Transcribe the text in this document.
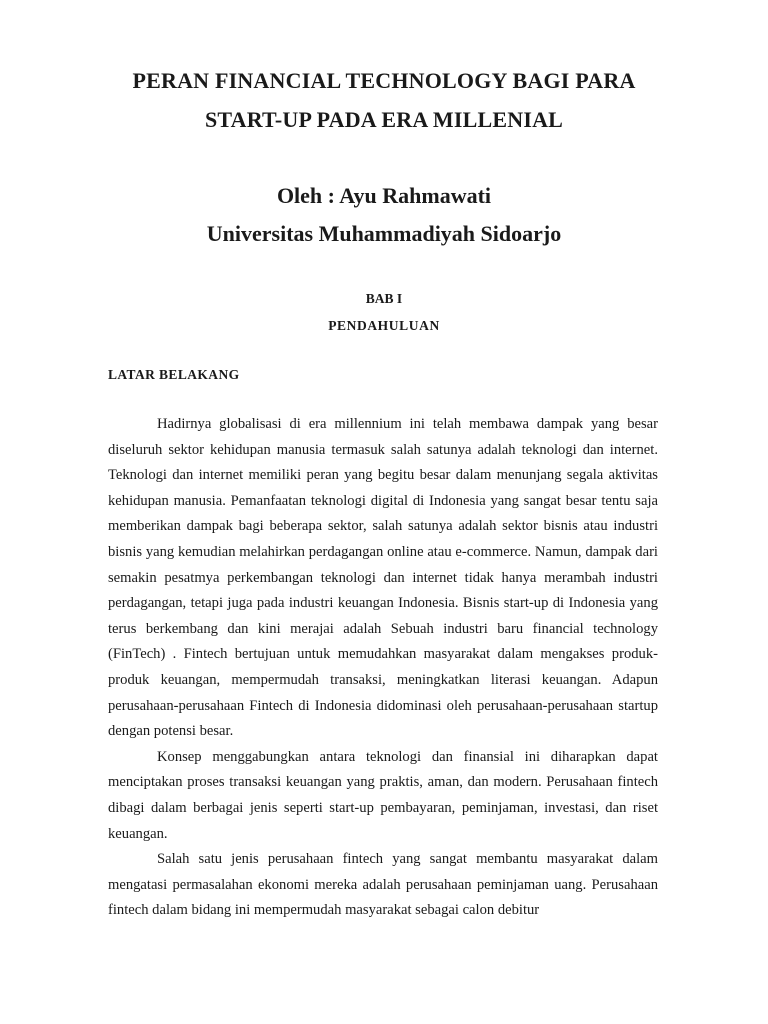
PERAN FINANCIAL TECHNOLOGY BAGI PARA
START-UP PADA ERA MILLENIAL
Oleh : Ayu Rahmawati
Universitas Muhammadiyah Sidoarjo
BAB I
PENDAHULUAN
LATAR BELAKANG

Hadirnya globalisasi di era millennium ini telah membawa dampak yang besar diseluruh sektor kehidupan manusia termasuk salah satunya adalah teknologi dan internet. Teknologi dan internet memiliki peran yang begitu besar dalam menunjang segala aktivitas kehidupan manusia. Pemanfaatan teknologi digital di Indonesia yang sangat besar tentu saja memberikan dampak bagi beberapa sektor, salah satunya adalah sektor bisnis atau industri bisnis yang kemudian melahirkan perdagangan online atau e-commerce. Namun, dampak dari semakin pesatmya perkembangan teknologi dan internet tidak hanya merambah industri perdagangan, tetapi juga pada industri keuangan Indonesia. Bisnis start-up di Indonesia yang terus berkembang dan kini merajai adalah Sebuah industri baru financial technology (FinTech) . Fintech bertujuan untuk memudahkan masyarakat dalam mengakses produk-produk keuangan, mempermudah transaksi, meningkatkan literasi keuangan. Adapun perusahaan-perusahaan Fintech di Indonesia didominasi oleh perusahaan-perusahaan startup dengan potensi besar.

Konsep menggabungkan antara teknologi dan finansial ini diharapkan dapat menciptakan proses transaksi keuangan yang praktis, aman, dan modern. Perusahaan fintech dibagi dalam berbagai jenis seperti start-up pembayaran, peminjaman, investasi, dan riset keuangan.

Salah satu jenis perusahaan fintech yang sangat membantu masyarakat dalam mengatasi permasalahan ekonomi mereka adalah perusahaan peminjaman uang. Perusahaan fintech dalam bidang ini mempermudah masyarakat sebagai calon debitur
